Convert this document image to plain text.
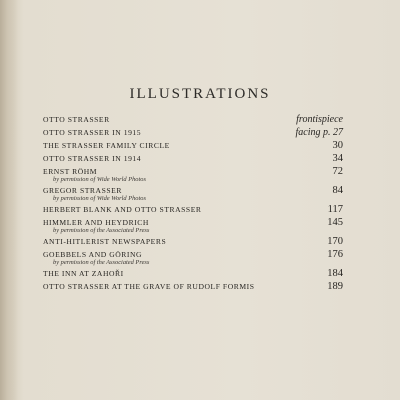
ILLUSTRATIONS
OTTO STRASSER	frontispiece
OTTO STRASSER IN 1915	facing p. 27
THE STRASSER FAMILY CIRCLE	30
OTTO STRASSER IN 1914	34
ERNST RÖHM	72
by permission of Wide World Photos
GREGOR STRASSER	84
by permission of Wide World Photos
HERBERT BLANK AND OTTO STRASSER	117
HIMMLER AND HEYDRICH	145
by permission of the Associated Press
ANTI-HITLERIST NEWSPAPERS	170
GOEBBELS AND GÖRING	176
by permission of the Associated Press
THE INN AT ZAHOŘI	184
OTTO STRASSER AT THE GRAVE OF RUDOLF FORMIS	189
